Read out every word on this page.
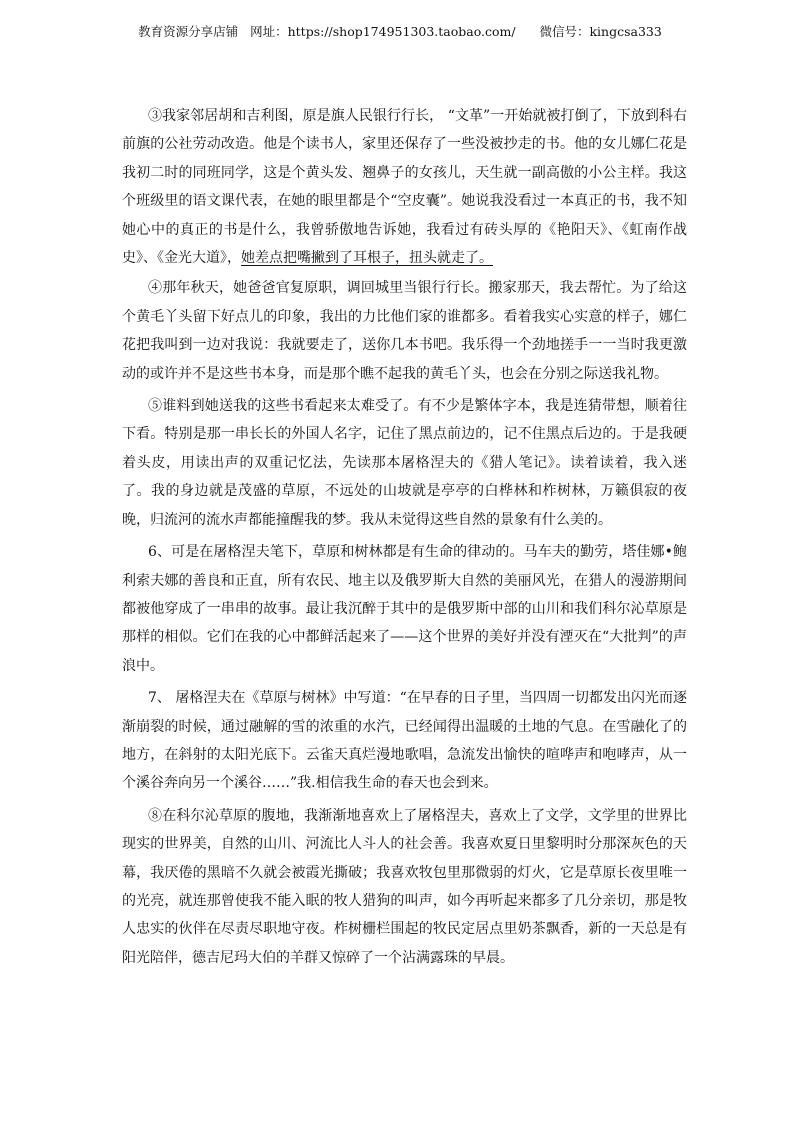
教育资源分享店铺   网址：https://shop174951303.taobao.com/      微信号：kingcsa333

③我家邻居胡和吉利图，原是旗人民银行行长， “文革”一开始就被打倒了，下放到科右前旗的公社劳动改造。他是个读书人，家里还保存了一些没被抄走的书。他的女儿娜仁花是我初二时的同班同学，这是个黄头发、翘鼻子的女孩儿，天生就一副高傲的小公主样。我这个班级里的语文课代表，在她的眼里都是个“空皮囊”。她说我没看过一本真正的书，我不知她心中的真正的书是什么，我曾骄傲地告诉她，我看过有砖头厚的《艳阳天》、《虹南作战史》、《金光大道》，她差点把嘴撇到了耳根子，扭头就走了。

④那年秋天，她爸爸官复原职，调回城里当银行行长。搬家那天，我去帮忙。为了给这个黄毛丫头留下好点儿的印象，我出的力比他们家的谁都多。看着我实心实意的样子，娜仁花把我叫到一边对我说：我就要走了，送你几本书吧。我乐得一个劲地搓手一一当时我更激动的或许并不是这些书本身，而是那个瞧不起我的黄毛丫头，也会在分别之际送我礼物。

⑤谁料到她送我的这些书看起来太难受了。有不少是繁体字本，我是连猜带想，顺着往下看。特别是那一串长长的外国人名字，记住了黑点前边的，记不住黑点后边的。于是我硬着头皮，用读出声的双重记忆法，先读那本屠格涅夫的《猎人笔记》。读着读着，我入迷了。我的身边就是茂盛的草原，不远处的山坡就是亭亭的白桦林和柞树林，万籁俱寂的夜晚，归流河的流水声都能撞醒我的梦。我从未觉得这些自然的景象有什么美的。

6、可是在屠格涅夫笔下，草原和树林都是有生命的律动的。马车夫的勤劳，塔佳娜•鲍利索夫娜的善良和正直，所有农民、地主以及俄罗斯大自然的美丽风光，在猎人的漫游期间都被他穿成了一串串的故事。最让我沉醉于其中的是俄罗斯中部的山川和我们科尔沁草原是那样的相似。它们在我的心中都鲜活起来了——这个世界的美好并没有湮灭在“大批判”的声浪中。

7、 屠格涅夫在《草原与树林》中写道：“在早春的日子里，当四周一切都发出闪光而逐渐崩裂的时候，通过融解的雪的浓重的水汽，已经闻得出温暖的土地的气息。在雪融化了的地方，在斜射的太阳光底下。云雀天真烂漫地歌唱，急流发出愉快的喧哗声和咆哮声，从一个溪谷奔向另一个溪谷……”我.相信我生命的春天也会到来。

⑧在科尔沁草原的腹地，我渐渐地喜欢上了屠格涅夫，喜欢上了文学，文学里的世界比现实的世界美，自然的山川、河流比人斗人的社会善。我喜欢夏日里黎明时分那深灰色的天幕，我厌倦的黑暗不久就会被霞光撕破；我喜欢牧包里那微弱的灯火，它是草原长夜里唯一的光亮，就连那曾使我不能入眠的牧人猎狗的叫声，如今再听起来都多了几分亲切，那是牧人忠实的伙伴在尽责尽职地守夜。柞树栅栏围起的牧民定居点里奶茶飘香，新的一天总是有阳光陪伴，德吉尼玛大伯的羊群又惊碎了一个沾满露珠的早晨。
